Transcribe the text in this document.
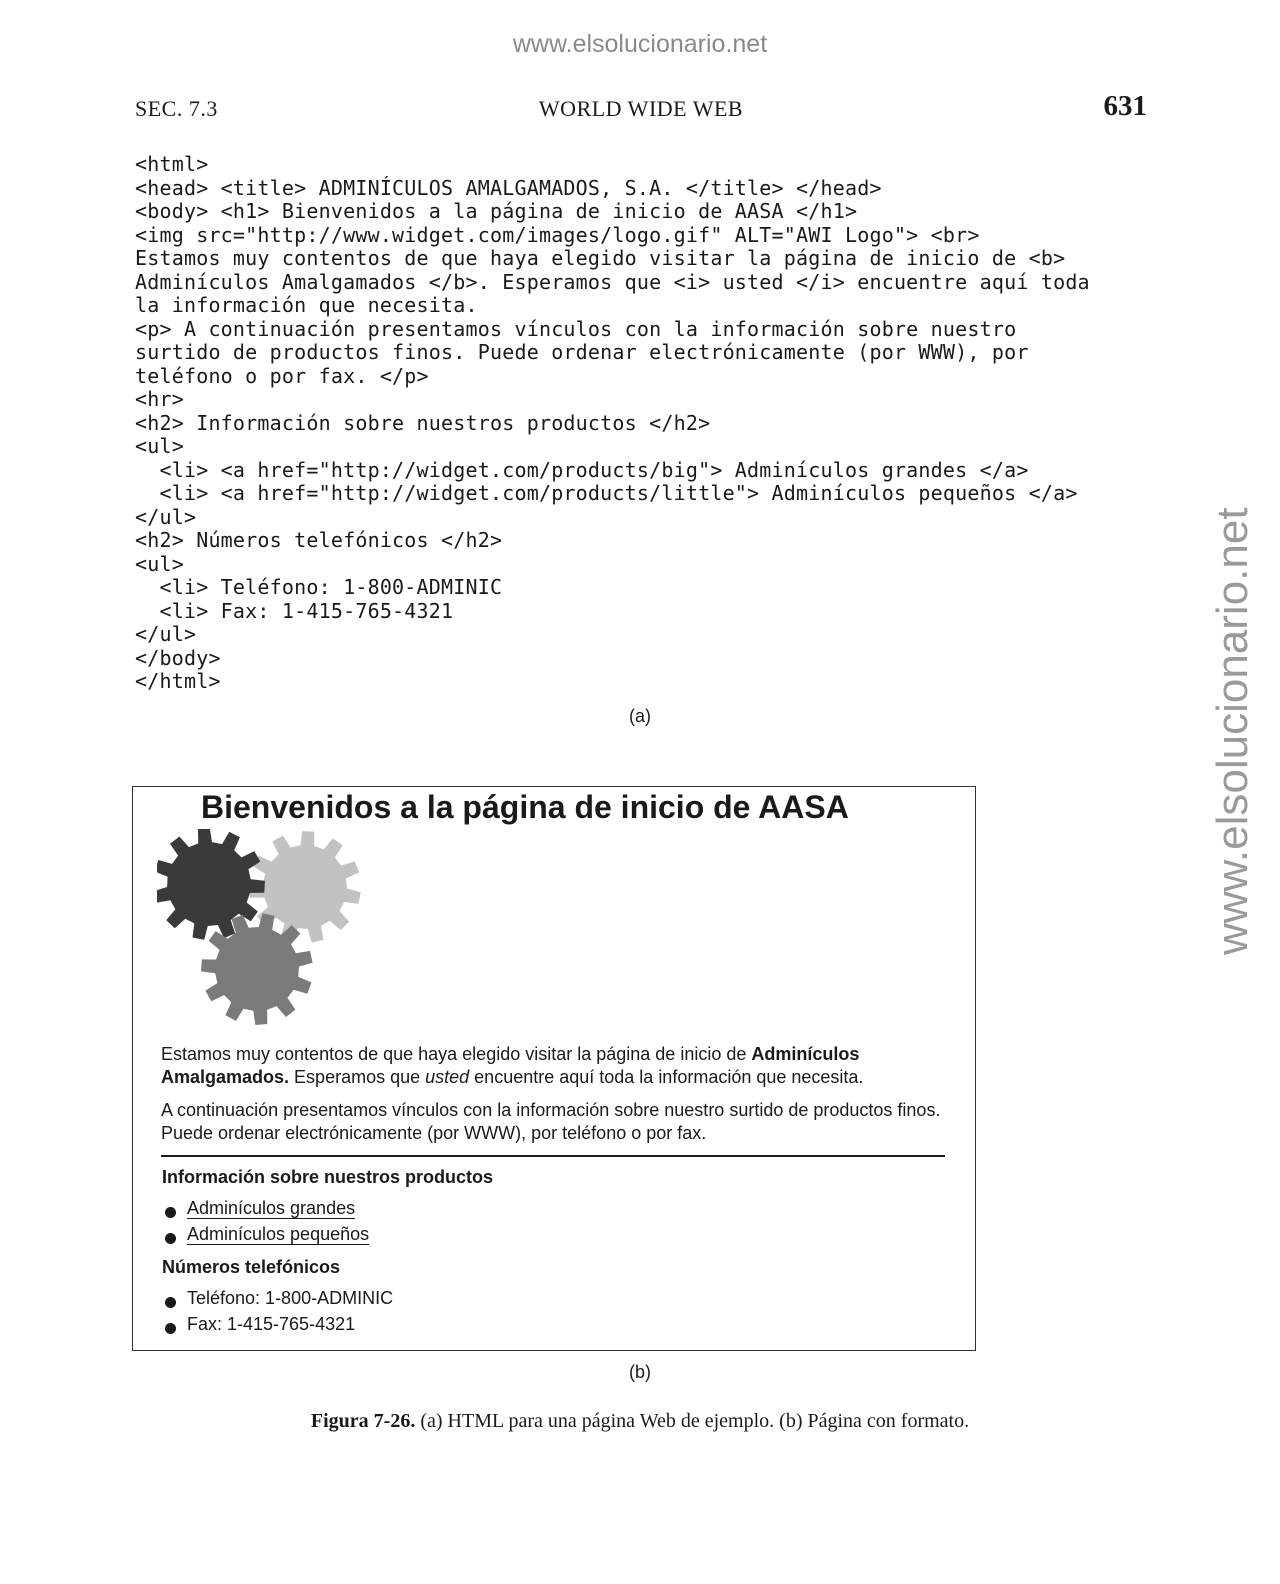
www.elsolucionario.net
www.elsolucionario.net
SEC. 7.3	WORLD WIDE WEB	631
<html>
<head> <title> ADMINÍCULOS AMALGAMADOS, S.A. </title> </head>
<body> <h1> Bienvenidos a la página de inicio de AASA </h1>
<img src="http://www.widget.com/images/logo.gif" ALT="AWI Logo"> <br>
Estamos muy contentos de que haya elegido visitar la página de inicio de <b>
Adminículos Amalgamados </b>. Esperamos que <i> usted </i> encuentre aquí toda
la información que necesita.
<p> A continuación presentamos vínculos con la información sobre nuestro
surtido de productos finos. Puede ordenar electrónicamente (por WWW), por
teléfono o por fax. </p>
<hr>
<h2> Información sobre nuestros productos </h2>
<ul>
<li> <a href="http://widget.com/products/big"> Adminículos grandes </a>
<li> <a href="http://widget.com/products/little"> Adminículos pequeños </a>
</ul>
<h2> Números telefónicos </h2>
<ul>
<li> Teléfono: 1-800-ADMINIC
<li> Fax: 1-415-765-4321
</ul>
</body>
</html>
(a)
Bienvenidos a la página de inicio de AASA

Estamos muy contentos de que haya elegido visitar la página de inicio de Adminículos Amalgamados. Esperamos que usted encuentre aquí toda la información que necesita.

A continuación presentamos vínculos con la información sobre nuestro surtido de productos finos. Puede ordenar electrónicamente (por WWW), por teléfono o por fax.

Información sobre nuestros productos
Adminículos grandes
Adminículos pequeños
Números telefónicos
Teléfono: 1-800-ADMINIC
Fax: 1-415-765-4321
(b)
Figura 7-26. (a) HTML para una página Web de ejemplo. (b) Página con formato.
